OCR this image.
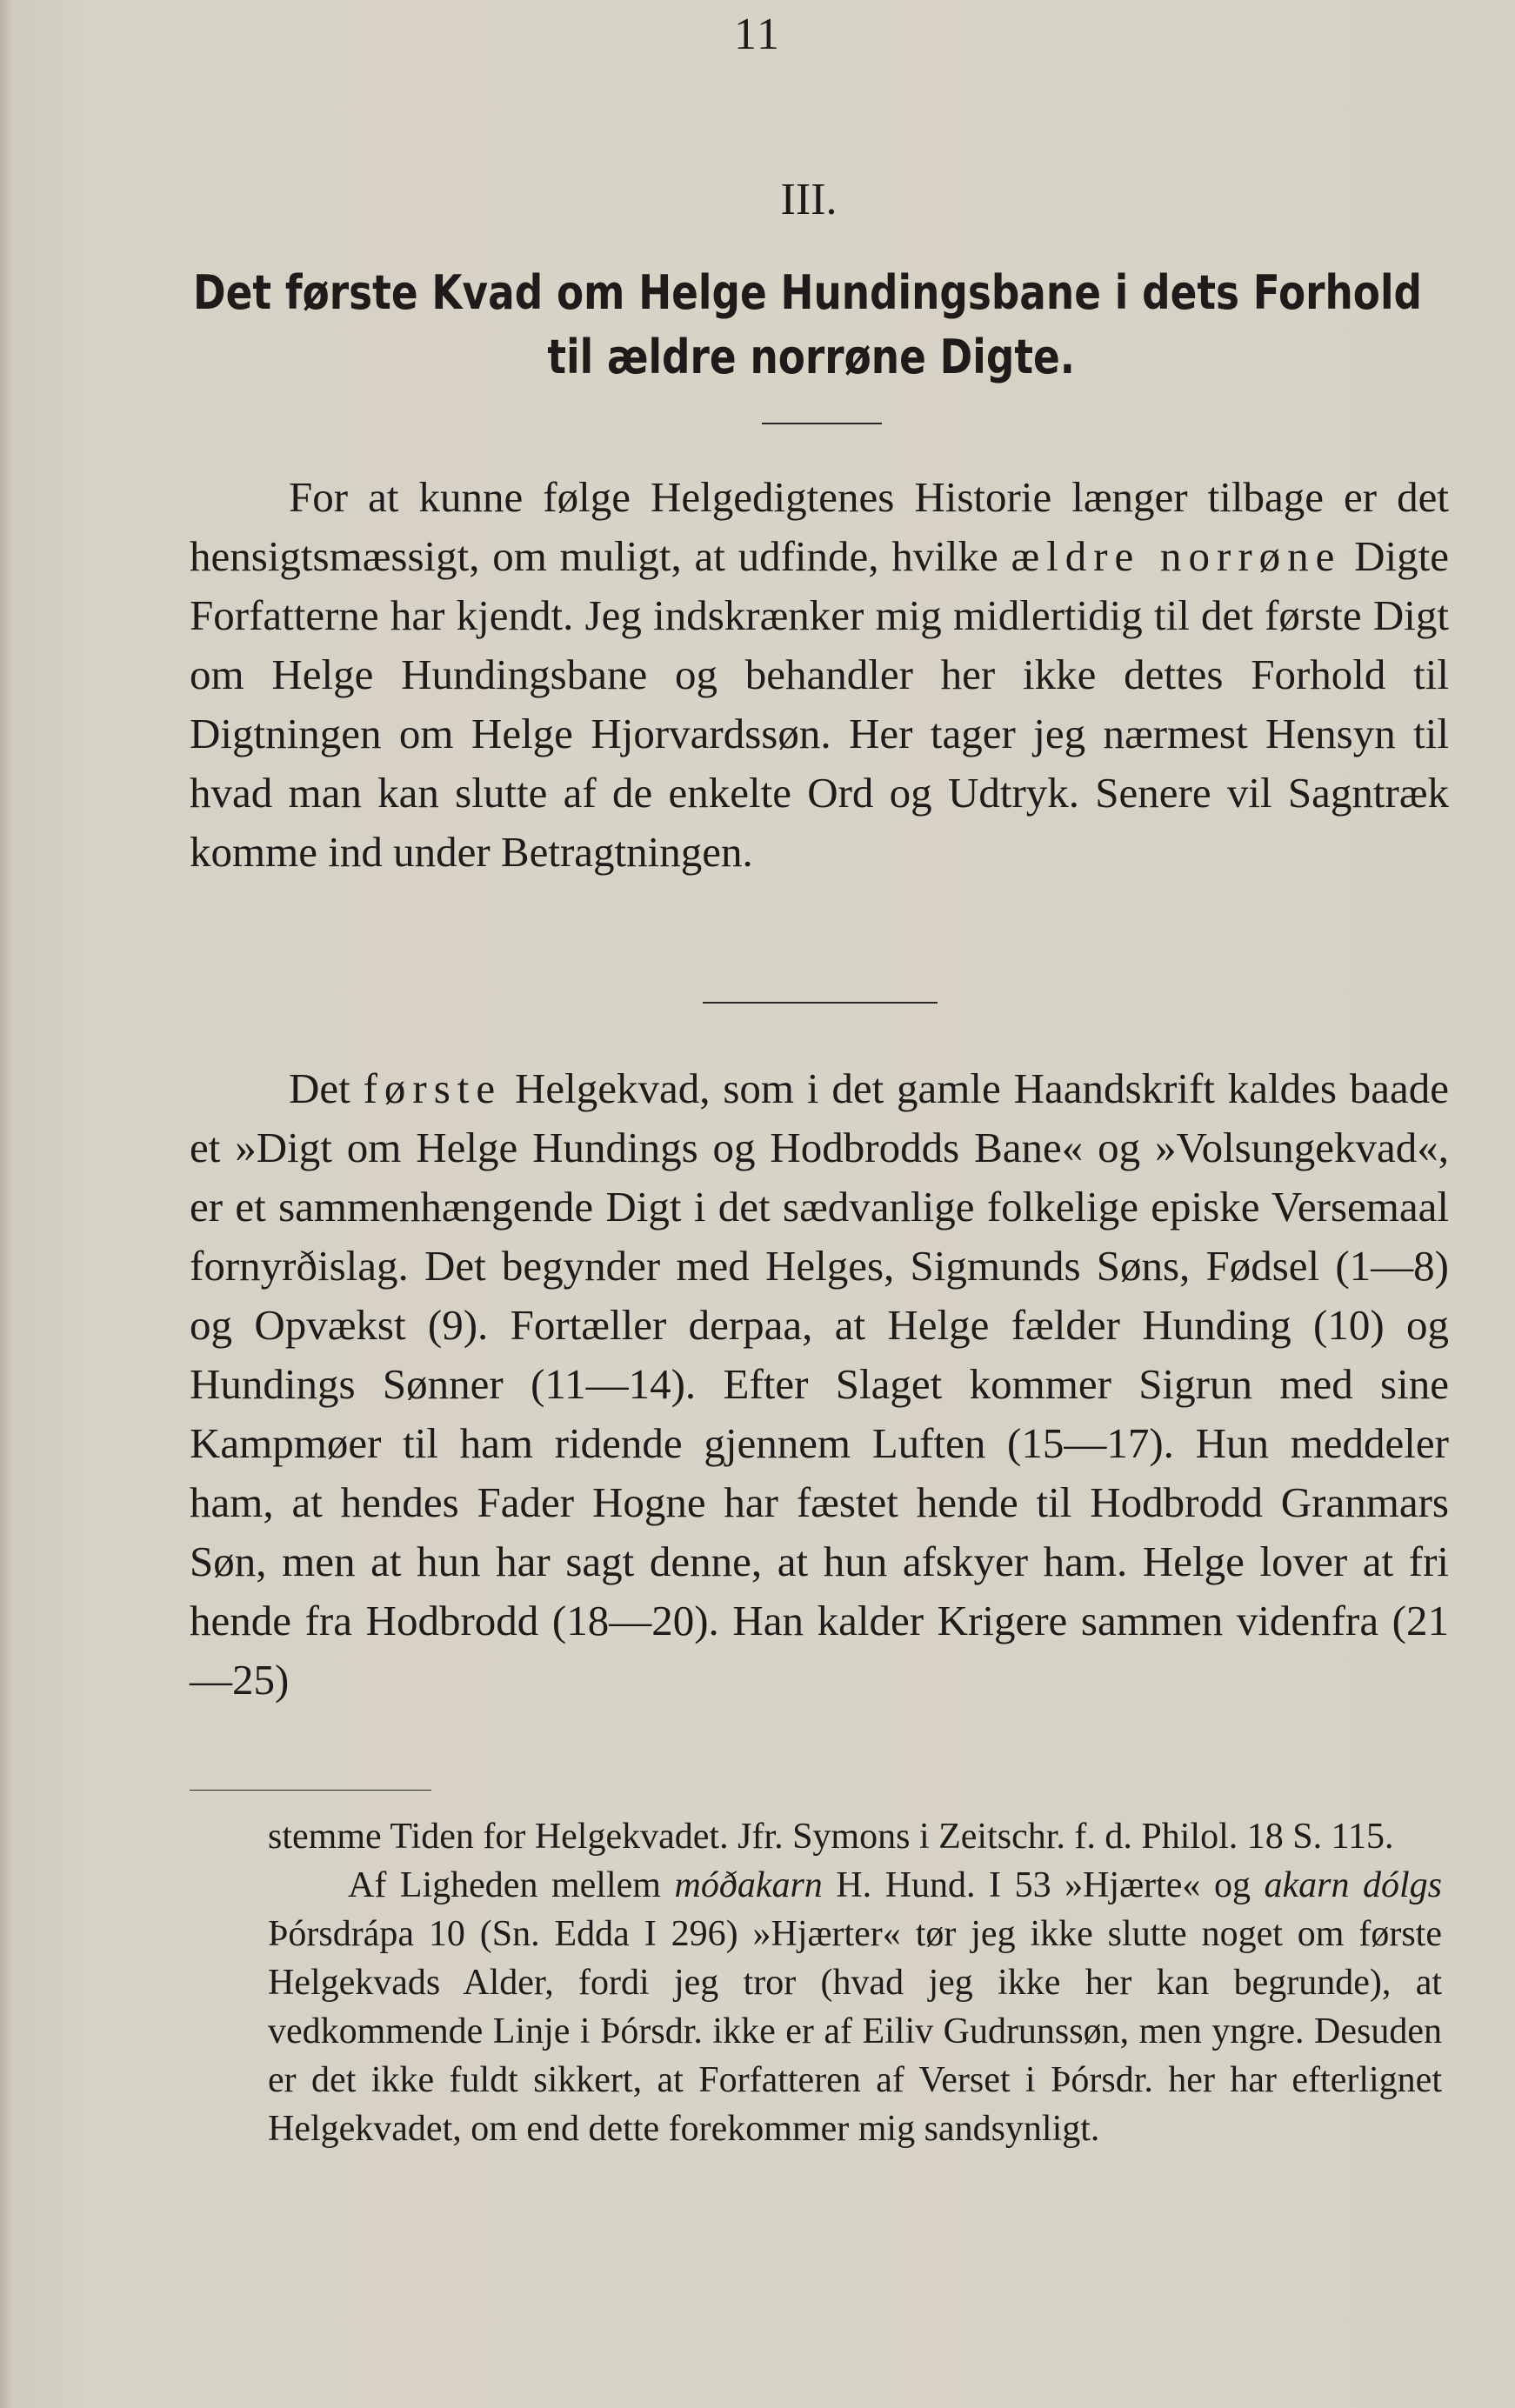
11
III.
Det første Kvad om Helge Hundingsbane i dets Forhold
til ældre norrøne Digte.

For at kunne følge Helgedigtenes Historie længer tilbage er det hensigtsmæssigt, om muligt, at udfinde, hvilke ældre norrøne Digte Forfatterne har kjendt. Jeg indskrænker mig midlertidig til det første Digt om Helge Hundingsbane og behandler her ikke dettes Forhold til Digtningen om Helge Hjorvardssøn. Her tager jeg nærmest Hensyn til hvad man kan slutte af de enkelte Ord og Udtryk. Senere vil Sagntræk komme ind under Betragtningen.

Det første Helgekvad, som i det gamle Haandskrift kaldes baade et »Digt om Helge Hundings og Hodbrodds Bane« og »Volsungekvad«, er et sammenhængende Digt i det sædvanlige folkelige episke Versemaal fornyrðislag. Det begynder med Helges, Sigmunds Søns, Fødsel (1—8) og Opvækst (9). Fortæller derpaa, at Helge fælder Hunding (10) og Hundings Sønner (11—14). Efter Slaget kommer Sigrun med sine Kampmøer til ham ridende gjennem Luften (15—17). Hun meddeler ham, at hendes Fader Hogne har fæstet hende til Hodbrodd Granmars Søn, men at hun har sagt denne, at hun afskyer ham. Helge lover at fri hende fra Hodbrodd (18—20). Han kalder Krigere sammen videnfra (21—25)

stemme Tiden for Helgekvadet. Jfr. Symons i Zeitschr. f. d. Philol. 18 S. 115.

Af Ligheden mellem móðakarn H. Hund. I 53 »Hjærte« og akarn dólgs Þórsdrápa 10 (Sn. Edda I 296) »Hjærter« tør jeg ikke slutte noget om første Helgekvads Alder, fordi jeg tror (hvad jeg ikke her kan begrunde), at vedkommende Linje i Þórsdr. ikke er af Eiliv Gudrunssøn, men yngre. Desuden er det ikke fuldt sikkert, at Forfatteren af Verset i Þórsdr. her har efterlignet Helgekvadet, om end dette forekommer mig sandsynligt.
